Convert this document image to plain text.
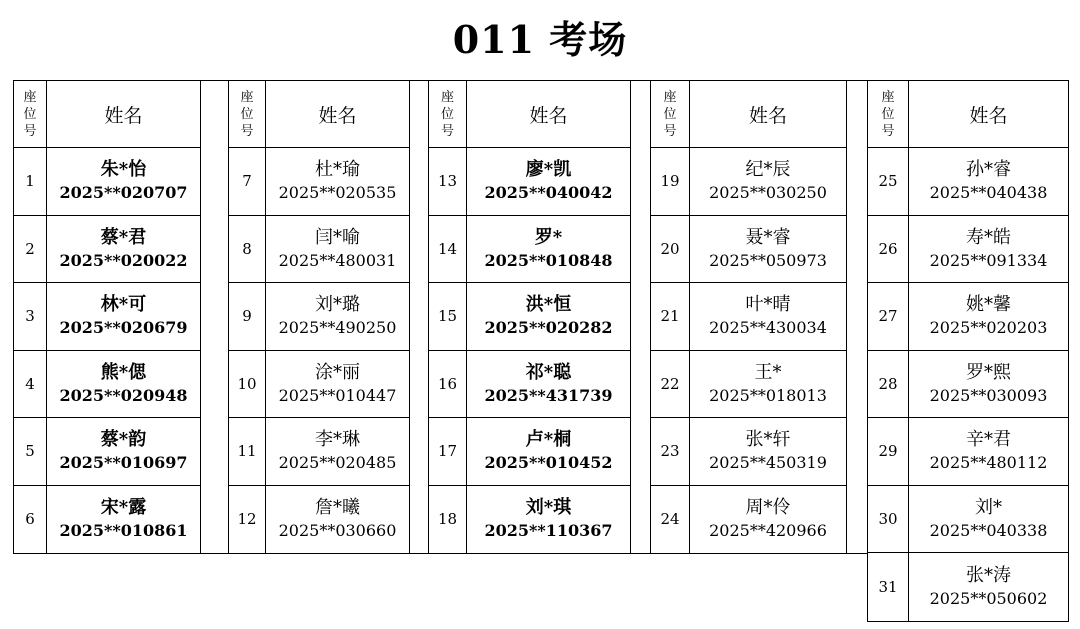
011 考场
座
位
号
姓名
1
朱*怡
2025**020707
2
蔡*君
2025**020022
3
林*可
2025**020679
4
熊*偲
2025**020948
5
蔡*韵
2025**010697
6
宋*露
2025**010861
座
位
号
姓名
7
杜*瑜
2025**020535
8
闫*喻
2025**480031
9
刘*璐
2025**490250
10
涂*丽
2025**010447
11
李*琳
2025**020485
12
詹*曦
2025**030660
座
位
号
姓名
13
廖*凯
2025**040042
14
罗*
2025**010848
15
洪*恒
2025**020282
16
祁*聪
2025**431739
17
卢*桐
2025**010452
18
刘*琪
2025**110367
座
位
号
姓名
19
纪*辰
2025**030250
20
聂*睿
2025**050973
21
叶*晴
2025**430034
22
王*
2025**018013
23
张*轩
2025**450319
24
周*伶
2025**420966
座
位
号
姓名
25
孙*睿
2025**040438
26
寿*皓
2025**091334
27
姚*馨
2025**020203
28
罗*熙
2025**030093
29
辛*君
2025**480112
30
刘*
2025**040338
31
张*涛
2025**050602
